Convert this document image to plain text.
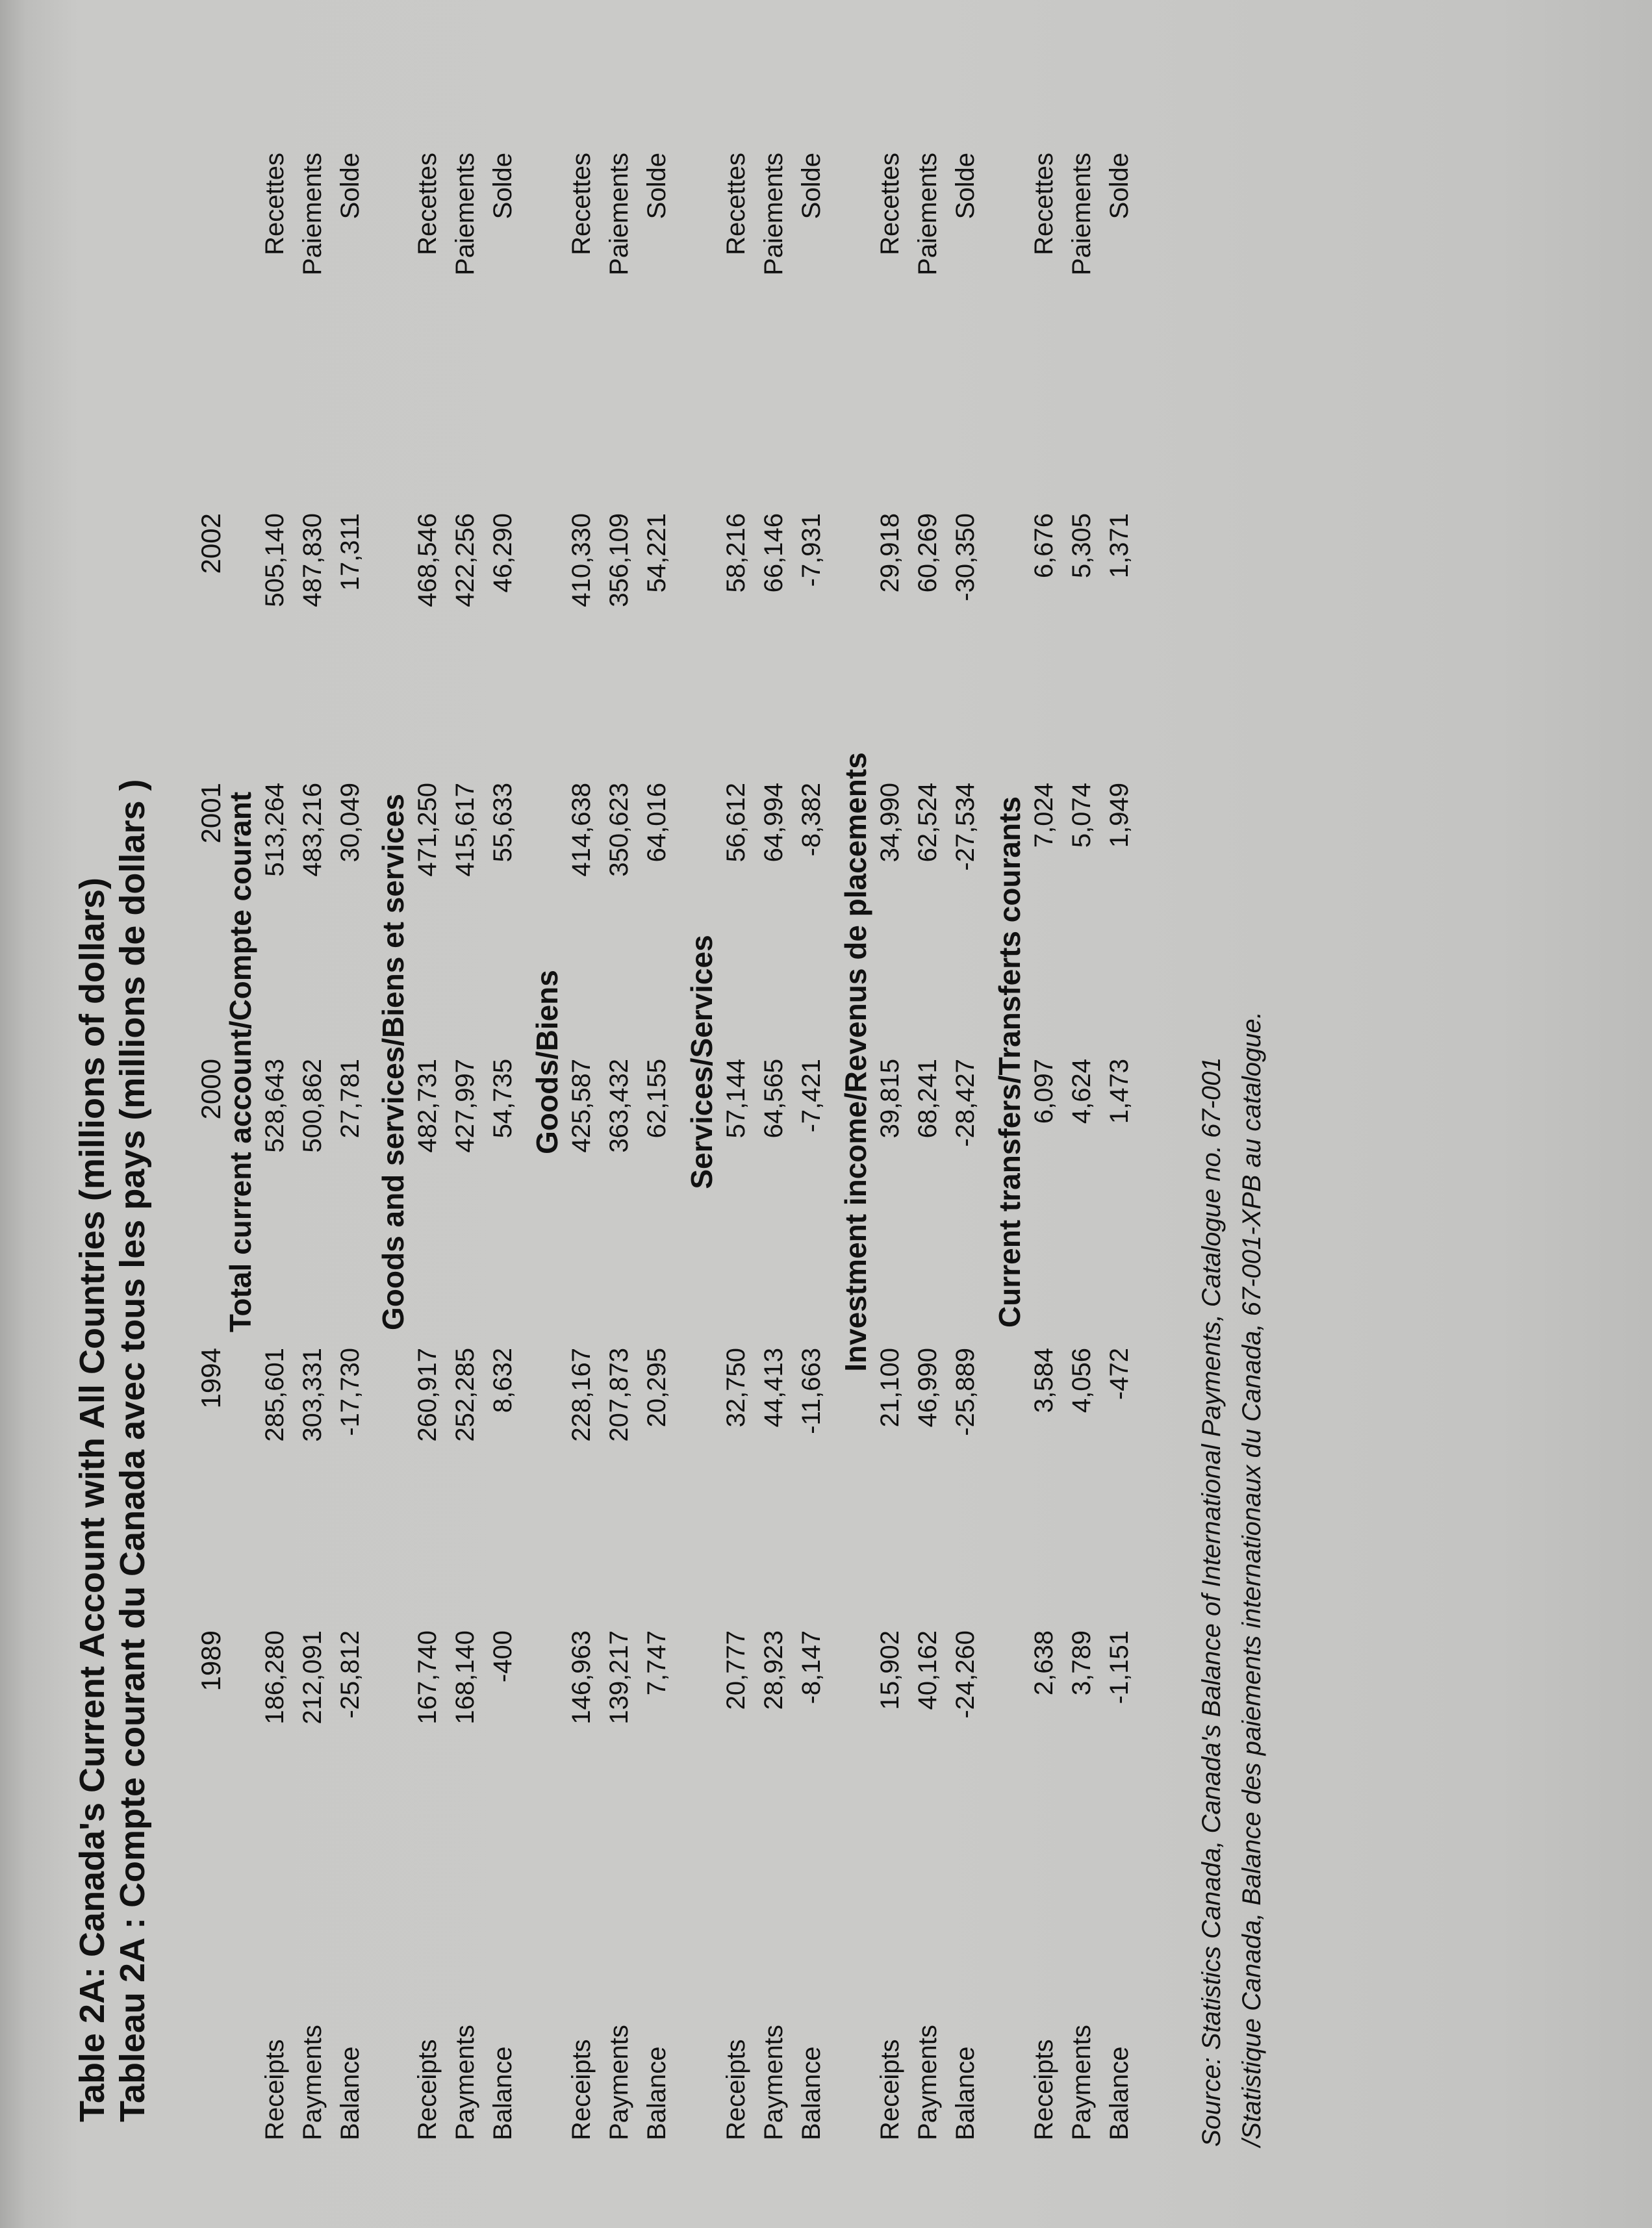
Table 2A: Canada's Current Account with All Countries (millions of dollars) Tableau 2A : Compte courant du Canada avec tous les pays (millions de dollars ) 1989
1994
2000
2001
2002
Total current account/Compte courant
Receipts
186,280
285,601
528,643
513,264
505,140
Recettes
Payments
212,091
303,331
500,862
483,216
487,830
Paiements
Balance
-25,812
-17,730
27,781
30,049
17,311
Solde
Goods and services/Biens et services
Receipts
167,740
260,917
482,731
471,250
468,546
Recettes
Payments
168,140
252,285
427,997
415,617
422,256
Paiements
Balance
-400
8,632
54,735
55,633
46,290
Solde
Goods/Biens
Receipts
146,963
228,167
425,587
414,638
410,330
Recettes
Payments
139,217
207,873
363,432
350,623
356,109
Paiements
Balance
7,747
20,295
62,155
64,016
54,221
Solde
Services/Services
Receipts
20,777
32,750
57,144
56,612
58,216
Recettes
Payments
28,923
44,413
64,565
64,994
66,146
Paiements
Balance
-8,147
-11,663
-7,421
-8,382
-7,931
Solde
Investment income/Revenus de placements
Receipts
15,902
21,100
39,815
34,990
29,918
Recettes
Payments
40,162
46,990
68,241
62,524
60,269
Paiements
Balance
-24,260
-25,889
-28,427
-27,534
-30,350
Solde
Current transfers/Transferts courants
Receipts
2,638
3,584
6,097
7,024
6,676
Recettes
Payments
3,789
4,056
4,624
5,074
5,305
Paiements
Balance
-1,151
-472
1,473
1,949
1,371
Solde
Source: Statistics Canada, Canada's Balance of International Payments, Catalogue no. 67-001 /Statistique Canada, Balance des paiements internationaux du Canada, 67-001-XPB au catalogue.
